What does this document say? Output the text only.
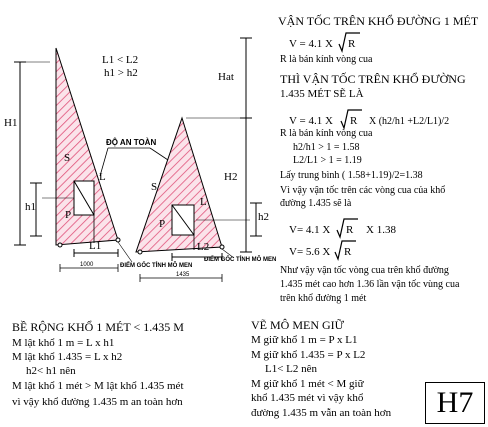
L1 < L2
h1 > h2
H1
h1
S
L
P
L1
1000
ĐỘ AN TOÀN
Hat
H2
h2
S
L
P
L2
1435
ĐIỂM GỐC TỈNH MÔ MEN
ĐIỂM GỐC TỈNH MÔ MEN
VẬN TỐC TRÊN KHỔ ĐƯỜNG 1 MÉT
V = 4.1 X R
R là bán kính vòng cua
THÌ VẬN TỐC TRÊN KHỔ ĐƯỜNG
1.435 MÉT SẼ LÀ
V = 4.1 X R X (h2/h1 +L2/L1)/2
R là bán kính vòng cua
h2/h1 > 1 = 1.58
L2/L1 > 1 = 1.19
Lấy trung bình ( 1.58+1.19)/2=1.38
Vì vậy vận tốc trên các vòng cua của khổ
đường 1.435 sẽ là
V= 4.1 X R X 1.38
V= 5.6 X R
Như vậy vận tốc vòng cua trên khổ đường
1.435 mét cao hơn 1.36 lần vận tốc vùng cua
trên khổ đường 1 mét
BỀ RỘNG KHỔ 1 MÉT < 1.435 M
M lật khổ 1 m = L x h1
M lật khổ 1.435 = L x h2
h2< h1 nên
M lật khổ 1 mét > M lật khổ 1.435 mét
vì vậy khổ đường 1.435 m an toàn hơn
VẼ MÔ MEN GIỮ
M giữ khổ 1 m = P x L1
M giữ khổ 1.435 = P x L2
L1< L2 nên
M giữ khổ 1 mét < M giữ
khổ 1.435 mét vì vậy khổ
đường 1.435 m vẫn an toàn hơn	H7
